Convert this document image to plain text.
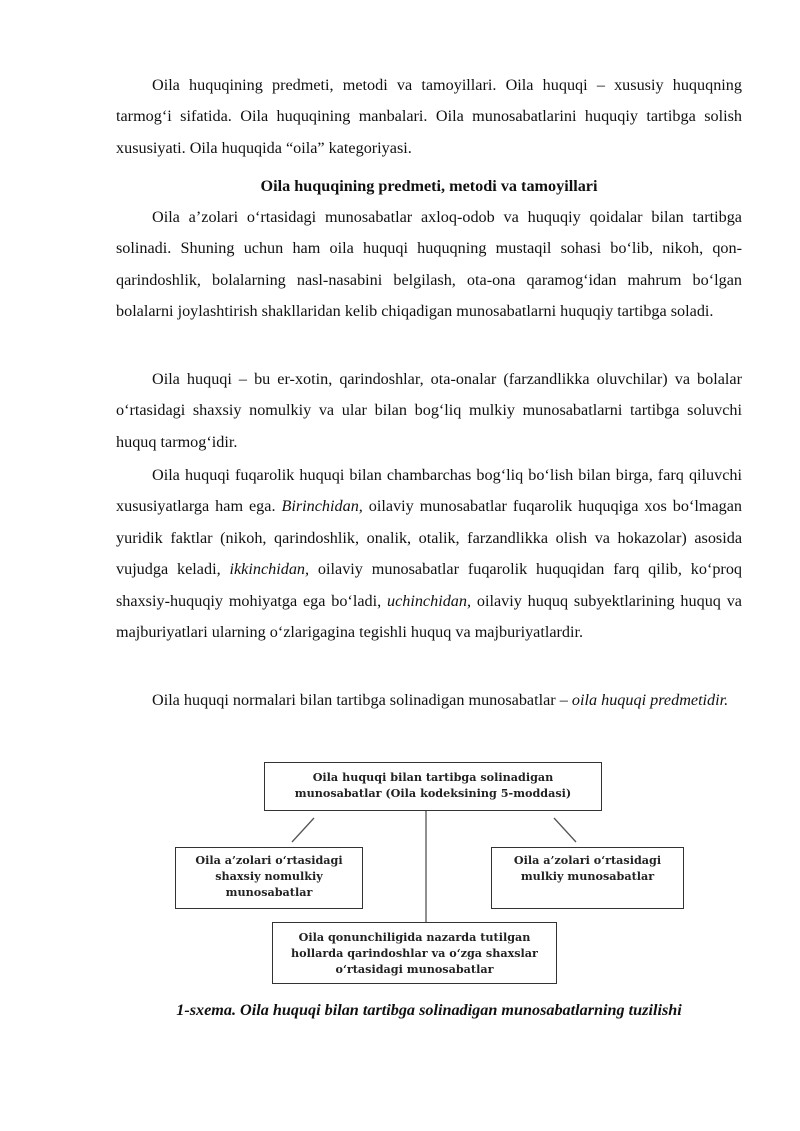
Oila huquqining predmeti, metodi va tamoyillari. Oila huquqi – xususiy huquqning tarmog‘i sifatida. Oila huquqining manbalari. Oila munosabatlarini huquqiy tartibga solish xususiyati. Oila huquqida “oila” kategoriyasi.

Oila huquqining predmeti, metodi va tamoyillari

Oila a’zolari o‘rtasidagi munosabatlar axloq-odob va huquqiy qoidalar bilan tartibga solinadi. Shuning uchun ham oila huquqi huquqning mustaqil sohasi bo‘lib, nikoh, qon-qarindoshlik, bolalarning nasl-nasabini belgilash, ota-ona qaramog‘idan mahrum bo‘lgan bolalarni joylashtirish shakllaridan kelib chiqadigan munosabatlarni huquqiy tartibga soladi.

Oila huquqi – bu er-xotin, qarindoshlar, ota-onalar (farzandlikka oluvchilar) va bolalar o‘rtasidagi shaxsiy nomulkiy va ular bilan bog‘liq mulkiy munosabatlarni tartibga soluvchi huquq tarmog‘idir.

Oila huquqi fuqarolik huquqi bilan chambarchas bog‘liq bo‘lish bilan birga, farq qiluvchi xususiyatlarga ham ega. Birinchidan, oilaviy munosabatlar fuqarolik huquqiga xos bo‘lmagan yuridik faktlar (nikoh, qarindoshlik, onalik, otalik, farzandlikka olish va hokazolar) asosida vujudga keladi, ikkinchidan, oilaviy munosabatlar fuqarolik huquqidan farq qilib, ko‘proq shaxsiy-huquqiy mohiyatga ega bo‘ladi, uchinchidan, oilaviy huquq subyektlarining huquq va majburiyatlari ularning o‘zlarigagina tegishli huquq va majburiyatlardir.

Oila huquqi normalari bilan tartibga solinadigan munosabatlar – oila huquqi predmetidir.

Oila huquqi bilan tartibga solinadigan
munosabatlar (Oila kodeksining 5-moddasi)
Oila a’zolari o‘rtasidagi
shaxsiy nomulkiy
munosabatlar
Oila a’zolari o‘rtasidagi
mulkiy munosabatlar
Oila qonunchiligida nazarda tutilgan
hollarda qarindoshlar va o‘zga shaxslar
o‘rtasidagi munosabatlar

1-sxema. Oila huquqi bilan tartibga solinadigan munosabatlarning tuzilishi
